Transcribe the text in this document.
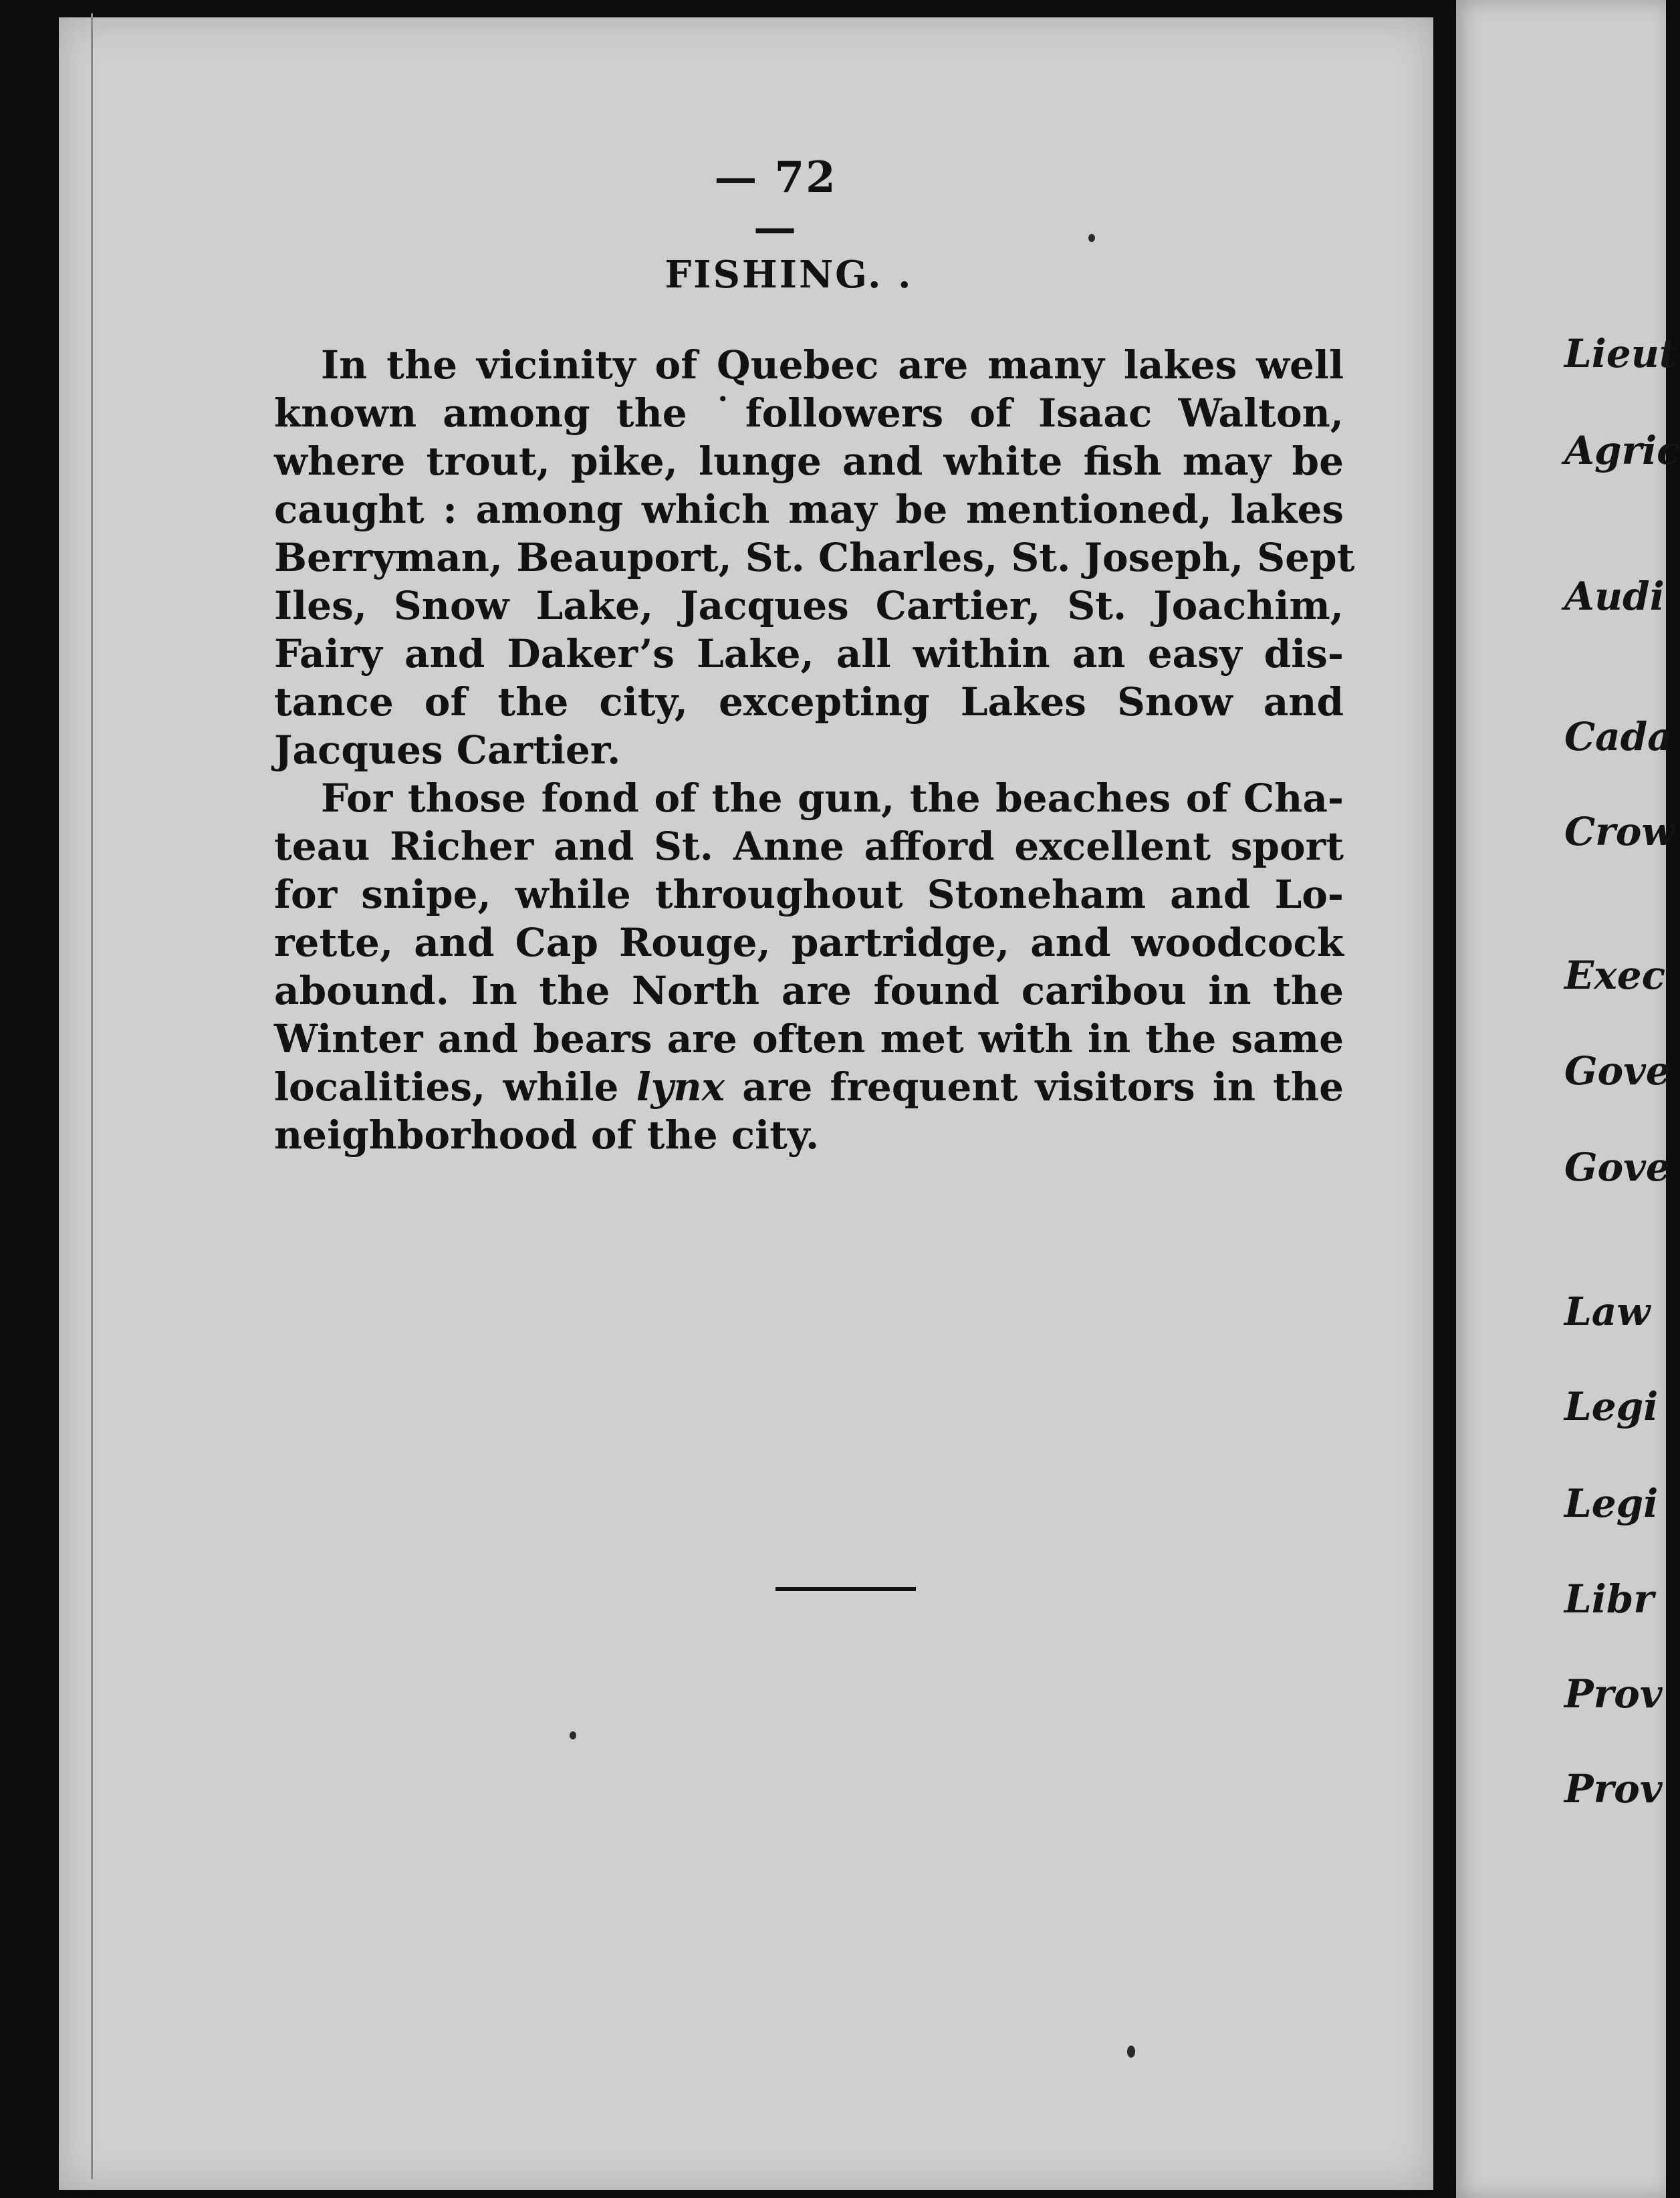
— 72 —
FISHING. .
In the vicinity of Quebec are many lakes well
known among the ˙followers of Isaac Walton,
where trout, pike, lunge and white fish may be
caught : among which may be mentioned, lakes
Berryman, Beauport, St. Charles, St. Joseph, Sept
Iles, Snow Lake, Jacques Cartier, St. Joachim,
Fairy and Daker’s Lake, all within an easy dis-
tance of the city, excepting Lakes Snow and
Jacques Cartier.
For those fond of the gun, the beaches of Cha-
teau Richer and St. Anne afford excellent sport
for snipe, while throughout Stoneham and Lo-
rette, and Cap Rouge, partridge, and woodcock
abound. In the North are found caribou in the
Winter and bears are often met with in the same
localities, while lynx are frequent visitors in the
neighborhood of the city.
Lieut
Agric
Audi
Cada
Crow
Exec
Gove
Gove
Law
Legi
Legi
Libr
Prov
Prov
